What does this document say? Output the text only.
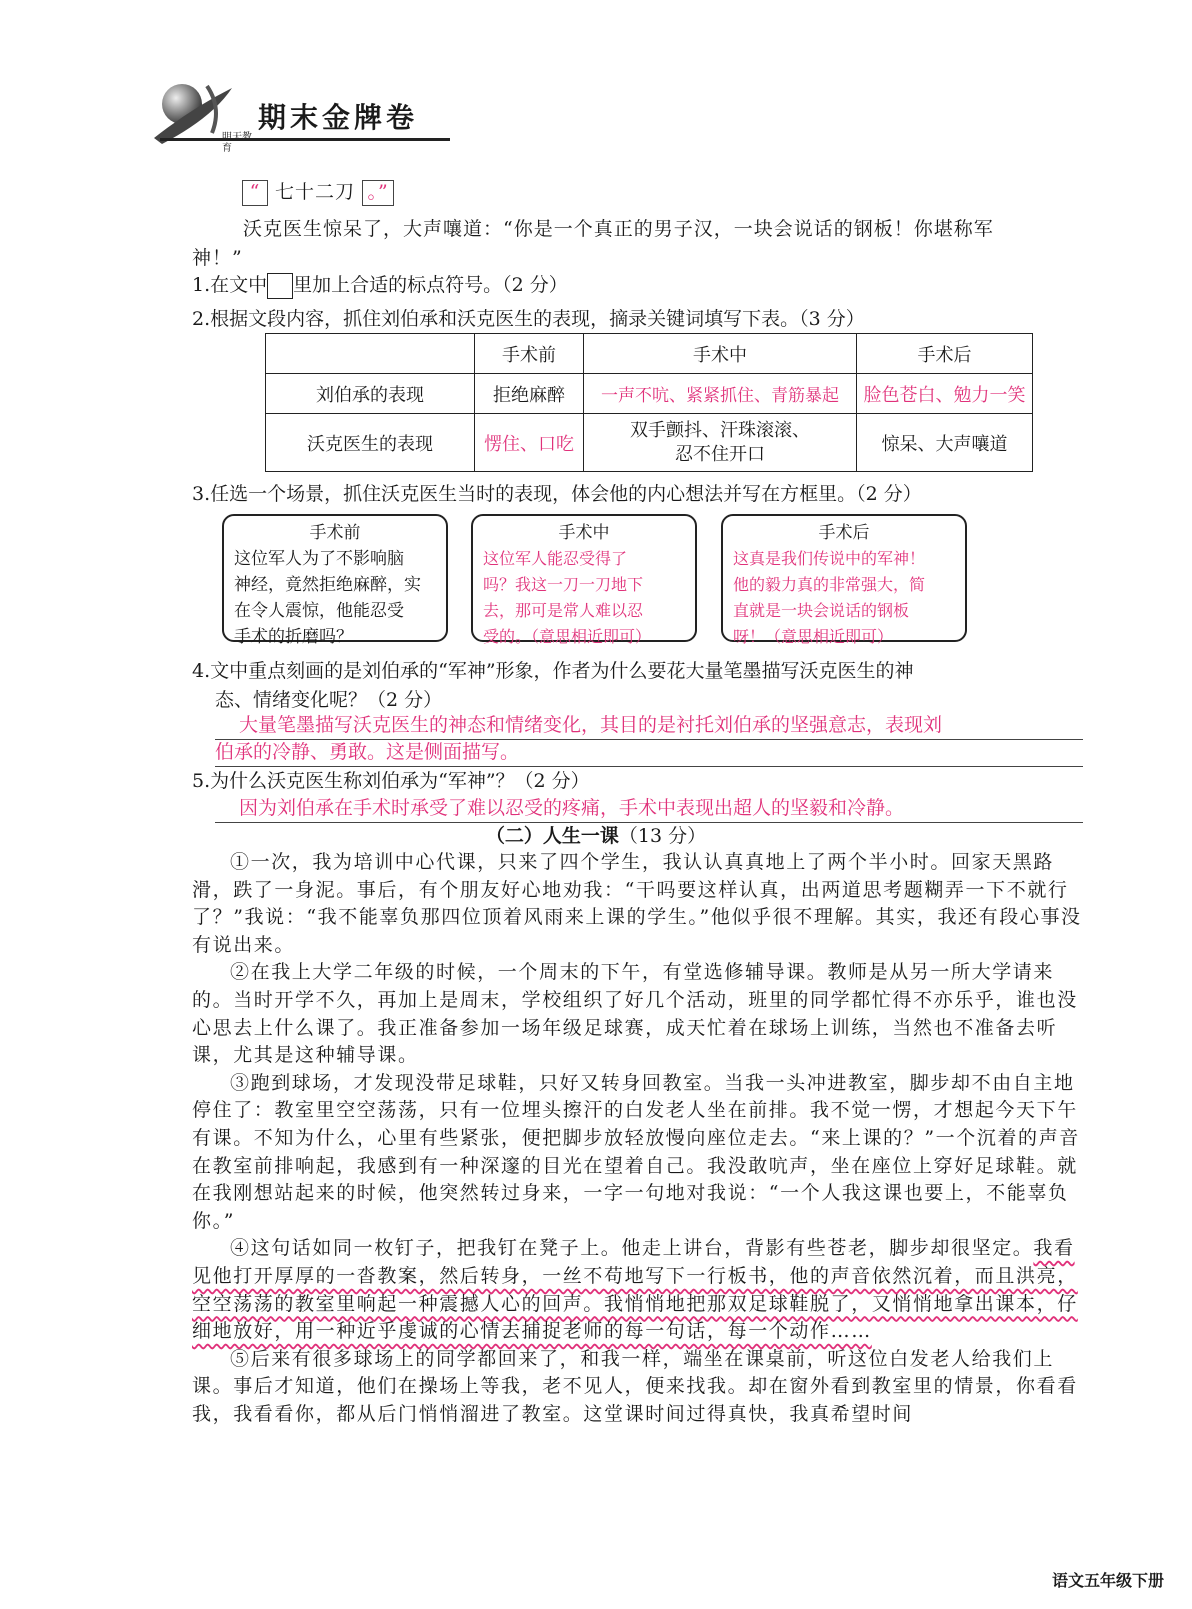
育
期末金牌卷
“ 七十二刀 。”
沃克医生惊呆了，大声嚷道：“你是一个真正的男子汉，一块会说话的钢板！你堪称军
神！”
1.在文中 里加上合适的标点符号。（2 分）
2.根据文段内容，抓住刘伯承和沃克医生的表现，摘录关键词填写下表。（3 分）
	手术前	手术中	手术后
刘伯承的表现	拒绝麻醉	一声不吭、紧紧抓住、青筋暴起	脸色苍白、勉力一笑
沃克医生的表现	愣住、口吃	双手颤抖、汗珠滚滚、
忍不住开口	惊呆、大声嚷道
3.任选一个场景，抓住沃克医生当时的表现，体会他的内心想法并写在方框里。（2 分）
手术前
这位军人为了不影响脑
神经，竟然拒绝麻醉，实
在令人震惊，他能忍受
手术的折磨吗？
手术中
这位军人能忍受得了
吗？我这一刀一刀地下
去，那可是常人难以忍
受的。（意思相近即可）
手术后
这真是我们传说中的军神！
他的毅力真的非常强大，简
直就是一块会说话的钢板
呀！（意思相近即可）
4.文中重点刻画的是刘伯承的“军神”形象，作者为什么要花大量笔墨描写沃克医生的神
态、情绪变化呢？（2 分）
大量笔墨描写沃克医生的神态和情绪变化，其目的是衬托刘伯承的坚强意志，表现刘
伯承的冷静、勇敢。这是侧面描写。
5.为什么沃克医生称刘伯承为“军神”？（2 分）
因为刘伯承在手术时承受了难以忍受的疼痛，手术中表现出超人的坚毅和冷静。
（二）人生一课（13 分）

①一次，我为培训中心代课，只来了四个学生，我认认真真地上了两个半小时。回家天黑路滑，跌了一身泥。事后，有个朋友好心地劝我：“干吗要这样认真，出两道思考题糊弄一下不就行了？”我说：“我不能辜负那四位顶着风雨来上课的学生。”他似乎很不理解。其实，我还有段心事没有说出来。

②在我上大学二年级的时候，一个周末的下午，有堂选修辅导课。教师是从另一所大学请来的。当时开学不久，再加上是周末，学校组织了好几个活动，班里的同学都忙得不亦乐乎，谁也没心思去上什么课了。我正准备参加一场年级足球赛，成天忙着在球场上训练，当然也不准备去听课，尤其是这种辅导课。

③跑到球场，才发现没带足球鞋，只好又转身回教室。当我一头冲进教室，脚步却不由自主地停住了：教室里空空荡荡，只有一位埋头擦汗的白发老人坐在前排。我不觉一愣，才想起今天下午有课。不知为什么，心里有些紧张，便把脚步放轻放慢向座位走去。“来上课的？”一个沉着的声音在教室前排响起，我感到有一种深邃的目光在望着自己。我没敢吭声，坐在座位上穿好足球鞋。就在我刚想站起来的时候，他突然转过身来，一字一句地对我说：“一个人我这课也要上，不能辜负你。”

④这句话如同一枚钉子，把我钉在凳子上。他走上讲台，背影有些苍老，脚步却很坚定。我看见他打开厚厚的一沓教案，然后转身，一丝不苟地写下一行板书，他的声音依然沉着，而且洪亮，空空荡荡的教室里响起一种震撼人心的回声。我悄悄地把那双足球鞋脱了，又悄悄地拿出课本，仔细地放好，用一种近乎虔诚的心情去捕捉老师的每一句话，每一个动作……

⑤后来有很多球场上的同学都回来了，和我一样，端坐在课桌前，听这位白发老人给我们上课。事后才知道，他们在操场上等我，老不见人，便来找我。却在窗外看到教室里的情景，你看看我，我看看你，都从后门悄悄溜进了教室。这堂课时间过得真快，我真希望时间

语文五年级下册
